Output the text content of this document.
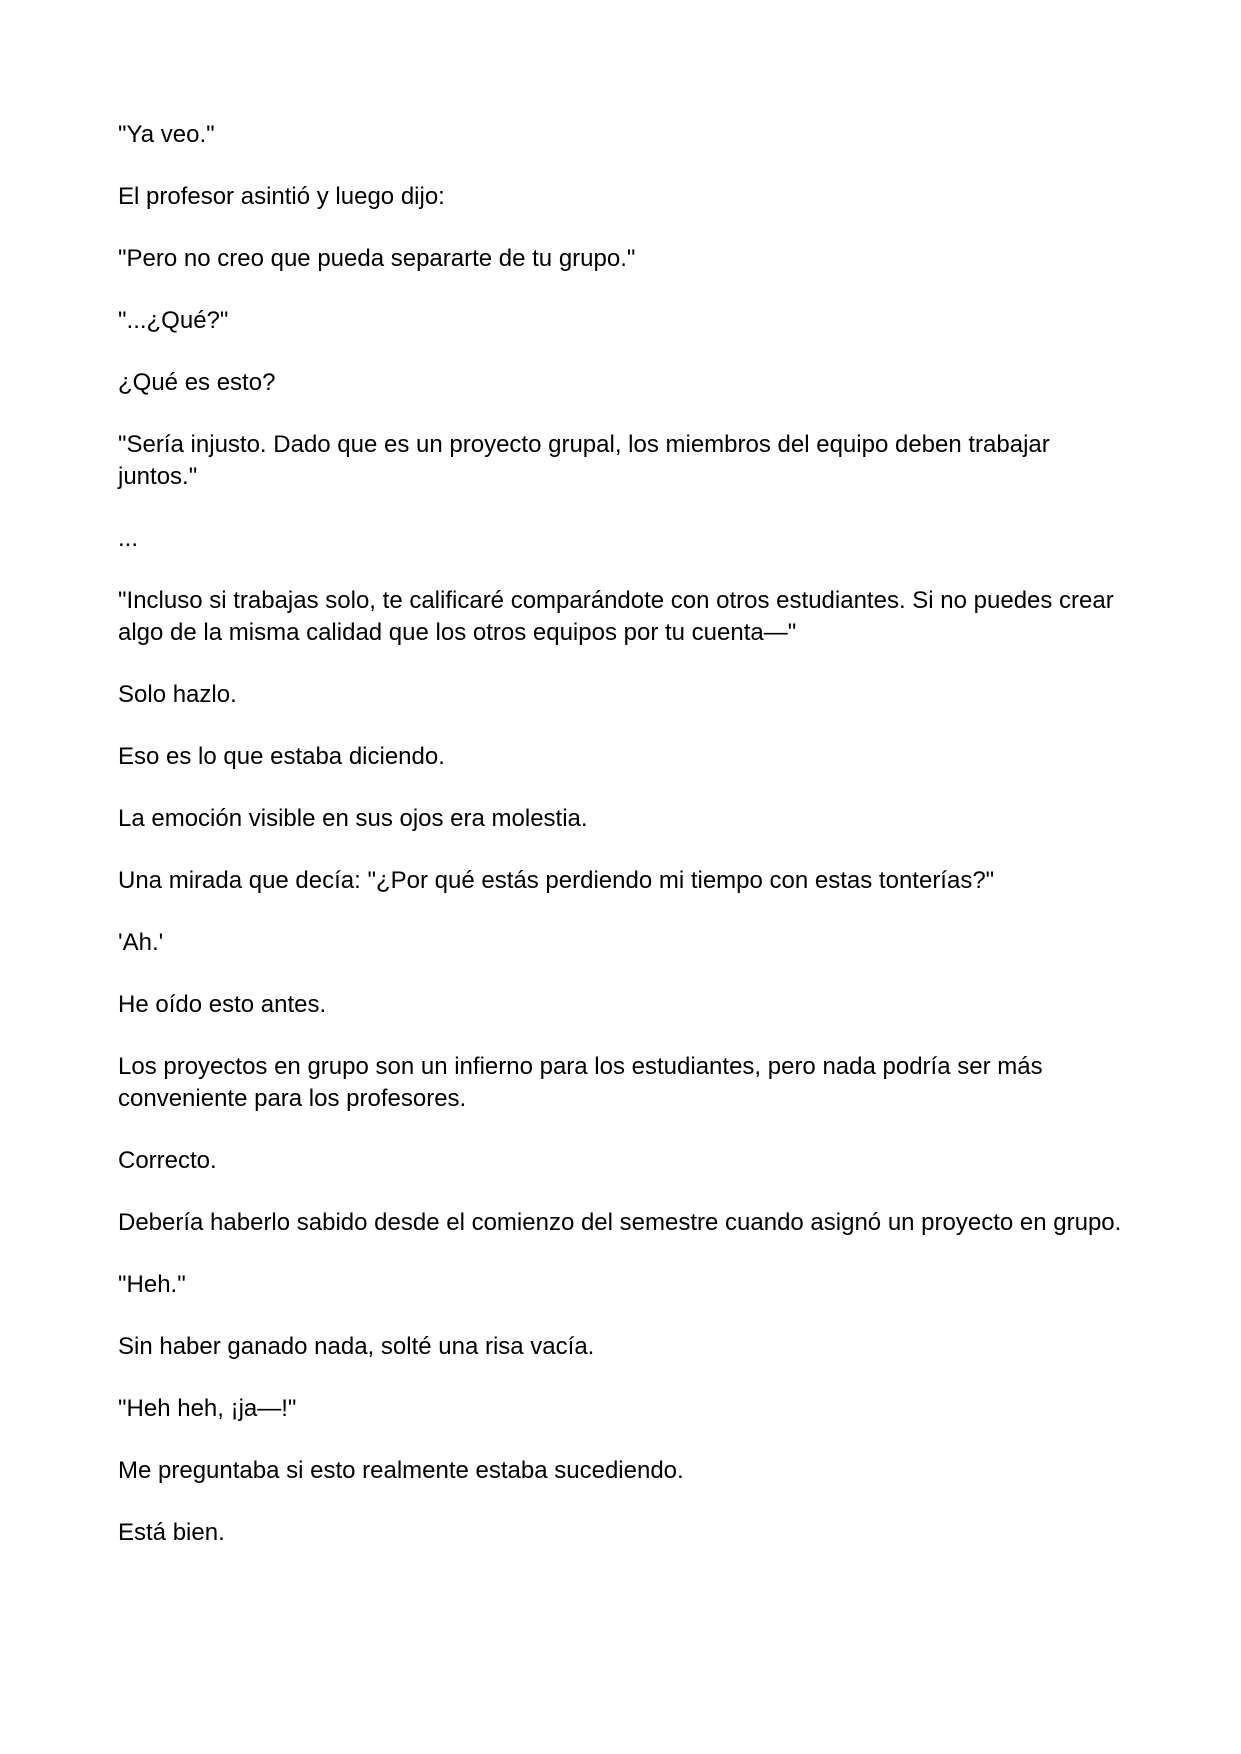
"Ya veo."

El profesor asintió y luego dijo:

"Pero no creo que pueda separarte de tu grupo."

"...¿Qué?"

¿Qué es esto?

"Sería injusto. Dado que es un proyecto grupal, los miembros del equipo deben trabajar juntos."

...

"Incluso si trabajas solo, te calificaré comparándote con otros estudiantes. Si no puedes crear algo de la misma calidad que los otros equipos por tu cuenta—"

Solo hazlo.

Eso es lo que estaba diciendo.

La emoción visible en sus ojos era molestia.

Una mirada que decía: "¿Por qué estás perdiendo mi tiempo con estas tonterías?"

'Ah.'

He oído esto antes.

Los proyectos en grupo son un infierno para los estudiantes, pero nada podría ser más conveniente para los profesores.

Correcto.

Debería haberlo sabido desde el comienzo del semestre cuando asignó un proyecto en grupo.

"Heh."

Sin haber ganado nada, solté una risa vacía.

"Heh heh, ¡ja—!"

Me preguntaba si esto realmente estaba sucediendo.

Está bien.
